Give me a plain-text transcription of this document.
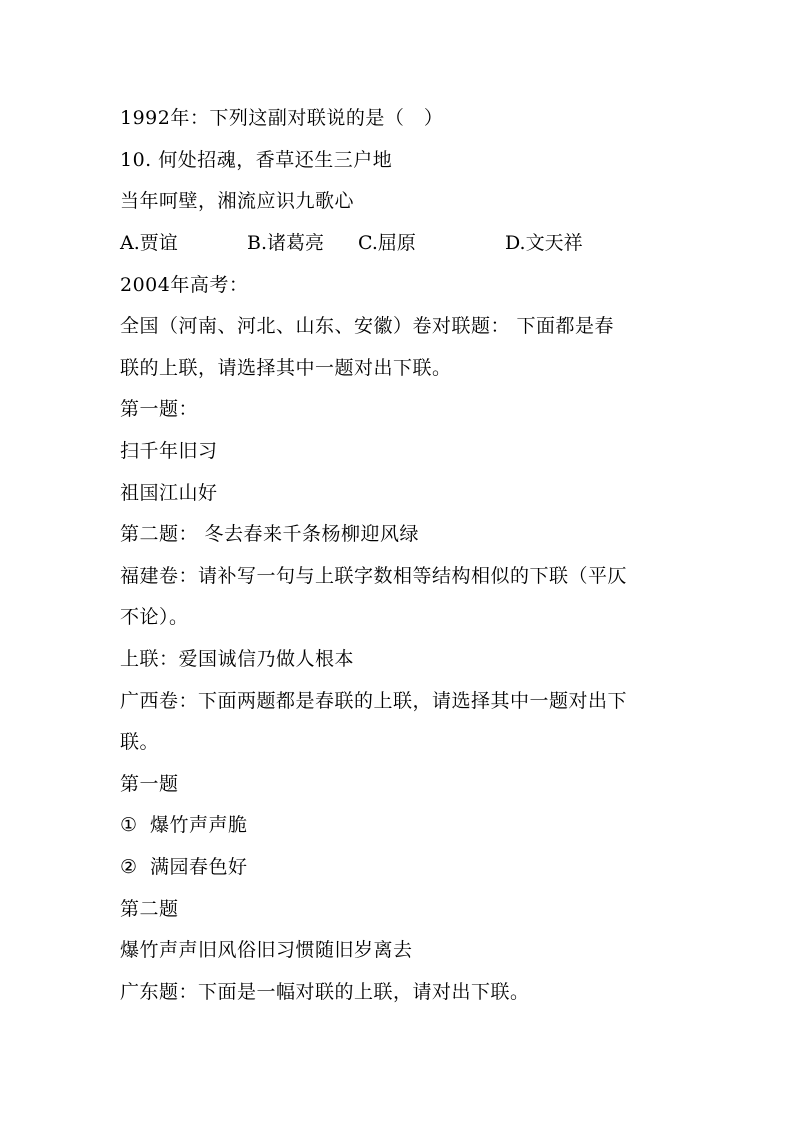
1992年：下列这副对联说的是（　）
10. 何处招魂，香草还生三户地
当年呵壁，湘流应识九歌心
A.贾谊	B.诸葛亮 C.屈原	D.文天祥
2004年高考：
全国（河南、河北、山东、安徽）卷对联题： 下面都是春
联的上联，请选择其中一题对出下联。
第一题：
扫千年旧习
祖国江山好
第二题： 冬去春来千条杨柳迎风绿
福建卷：请补写一句与上联字数相等结构相似的下联（平仄
不论）。
上联：爱国诚信乃做人根本
广西卷：下面两题都是春联的上联，请选择其中一题对出下
联。
第一题
① 爆竹声声脆
② 满园春色好
第二题
爆竹声声旧风俗旧习惯随旧岁离去
广东题：下面是一幅对联的上联，请对出下联。
